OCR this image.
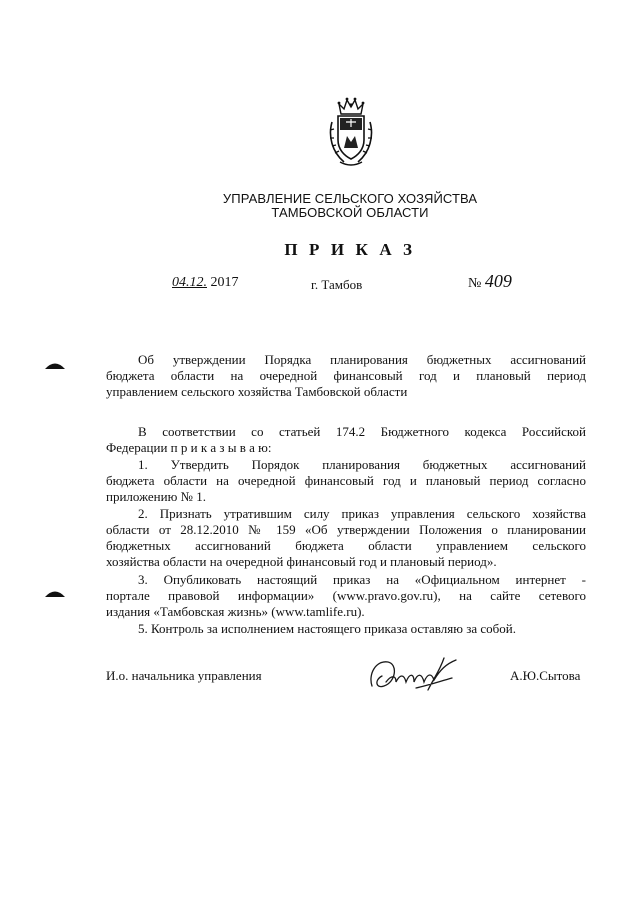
УПРАВЛЕНИЕ СЕЛЬСКОГО ХОЗЯЙСТВА
ТАМБОВСКОЙ ОБЛАСТИ
П Р И К А З
04.12. 2017	г. Тамбов	№ 409
Об утверждении Порядка планирования бюджетных ассигнований
бюджета области на очередной финансовый год и плановый период
управлением сельского хозяйства Тамбовской области
В соответствии со статьей 174.2 Бюджетного кодекса Российской
Федерации п р и к а з ы в а ю:
1. Утвердить Порядок планирования бюджетных ассигнований
бюджета области на очередной финансовый год и плановый период согласно
приложению № 1.
2. Признать утратившим силу приказ управления сельского хозяйства
области от 28.12.2010 № 159 «Об утверждении Положения о планировании
бюджетных ассигнований бюджета области управлением сельского
хозяйства области на очередной финансовый год и плановый период».
3. Опубликовать настоящий приказ на «Официальном интернет -
портале правовой информации» (www.pravo.gov.ru), на сайте сетевого
издания «Тамбовская жизнь» (www.tamlife.ru).
5. Контроль за исполнением настоящего приказа оставляю за собой.
И.о. начальника управления	А.Ю.Сытова
